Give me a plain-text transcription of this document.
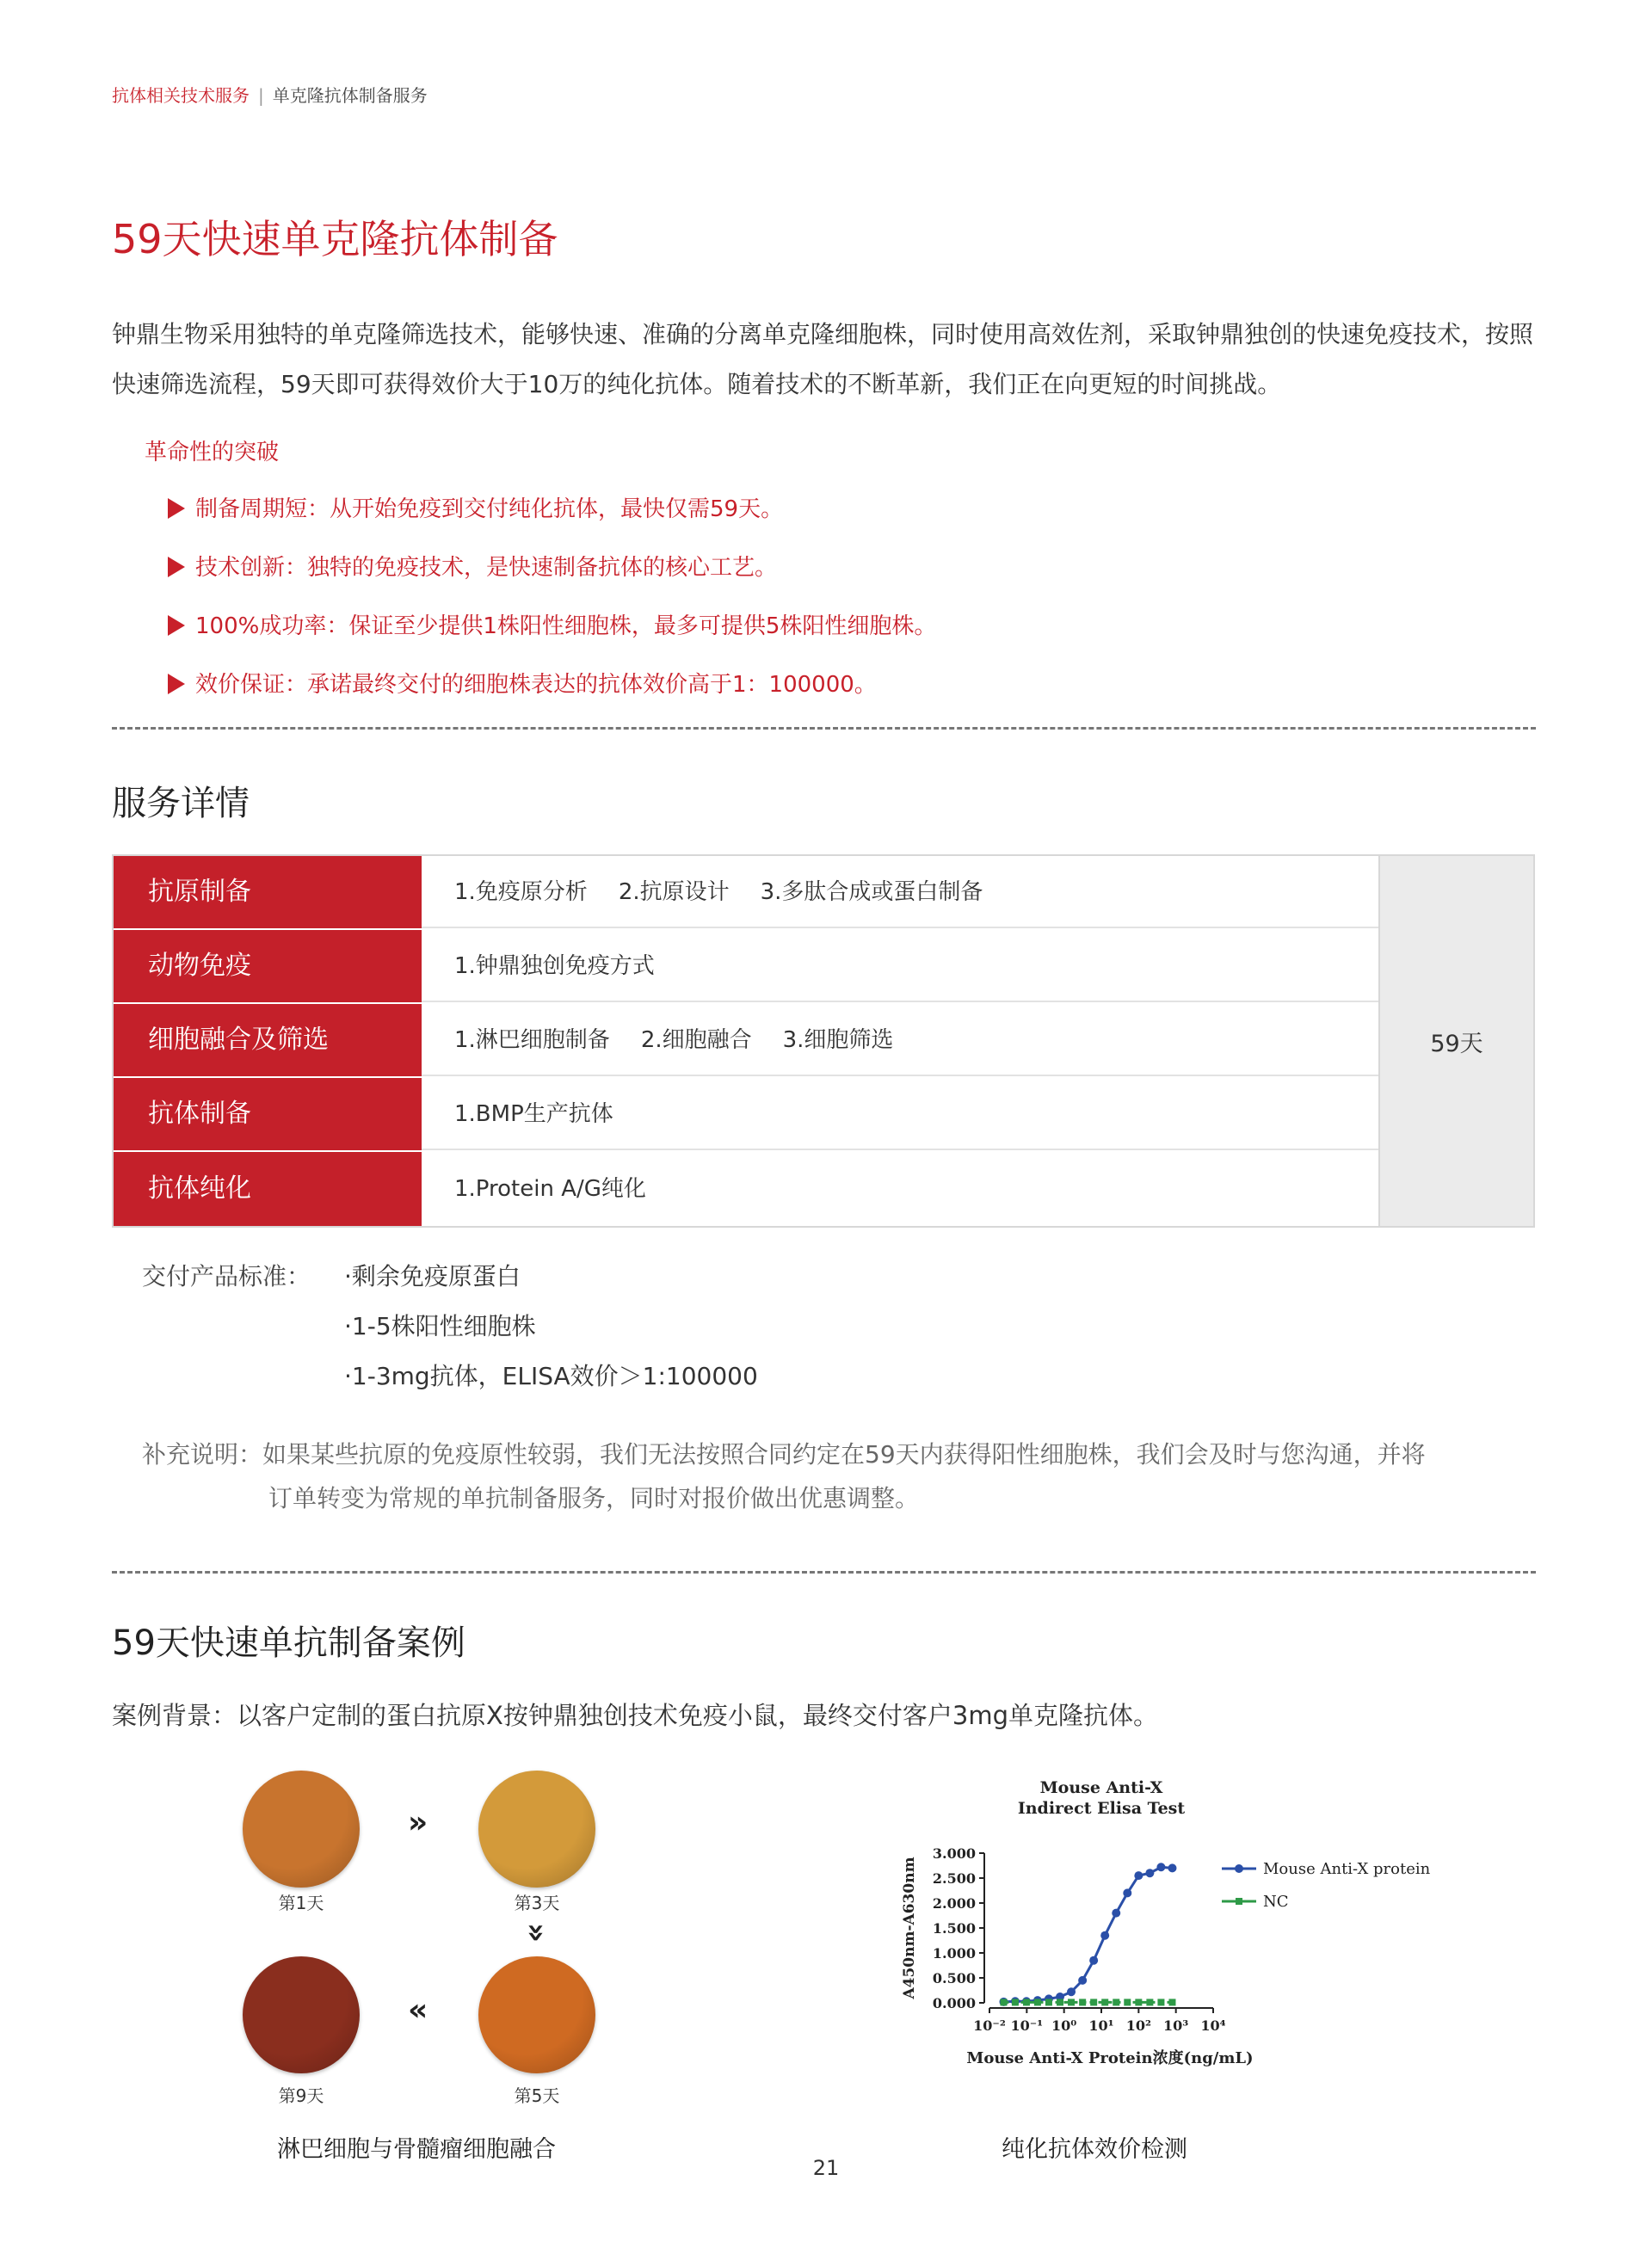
抗体相关技术服务 | 单克隆抗体制备服务
59天快速单克隆抗体制备
钟鼎生物采用独特的单克隆筛选技术，能够快速、准确的分离单克隆细胞株，同时使用高效佐剂，采取钟鼎独创的快速免疫技术，按照快速筛选流程，59天即可获得效价大于10万的纯化抗体。随着技术的不断革新，我们正在向更短的时间挑战。
革命性的突破
制备周期短：从开始免疫到交付纯化抗体，最快仅需59天。
技术创新：独特的免疫技术，是快速制备抗体的核心工艺。
100%成功率：保证至少提供1株阳性细胞株，最多可提供5株阳性细胞株。
效价保证：承诺最终交付的细胞株表达的抗体效价高于1：100000。
服务详情
抗原制备	1.免疫原分析 2.抗原设计 3.多肽合成或蛋白制备
动物免疫	1.钟鼎独创免疫方式
细胞融合及筛选	1.淋巴细胞制备 2.细胞融合 3.细胞筛选
抗体制备	1.BMP生产抗体
抗体纯化	1.Protein A/G纯化
59天
交付产品标准： ·剩余免疫原蛋白
·1-5株阳性细胞株
·1-3mg抗体，ELISA效价＞1:100000
补充说明：如果某些抗原的免疫原性较弱，我们无法按照合同约定在59天内获得阳性细胞株，我们会及时与您沟通，并将
订单转变为常规的单抗制备服务，同时对报价做出优惠调整。
59天快速单抗制备案例
案例背景：以客户定制的蛋白抗原X按钟鼎独创技术免疫小鼠，最终交付客户3mg单克隆抗体。
第1天
»
第3天
»
第5天
«
第9天
淋巴细胞与骨髓瘤细胞融合
Mouse Anti-X
Indirect Elisa Test
0.000
0.500
1.000
1.500
2.000
2.500
3.000
10⁻² 10⁻¹ 10⁰ 10¹ 10² 10³ 10⁴
Mouse Anti-X Protein浓度(ng/mL)
A450nm-A630nm	Mouse Anti-X protein
NC
纯化抗体效价检测
21
